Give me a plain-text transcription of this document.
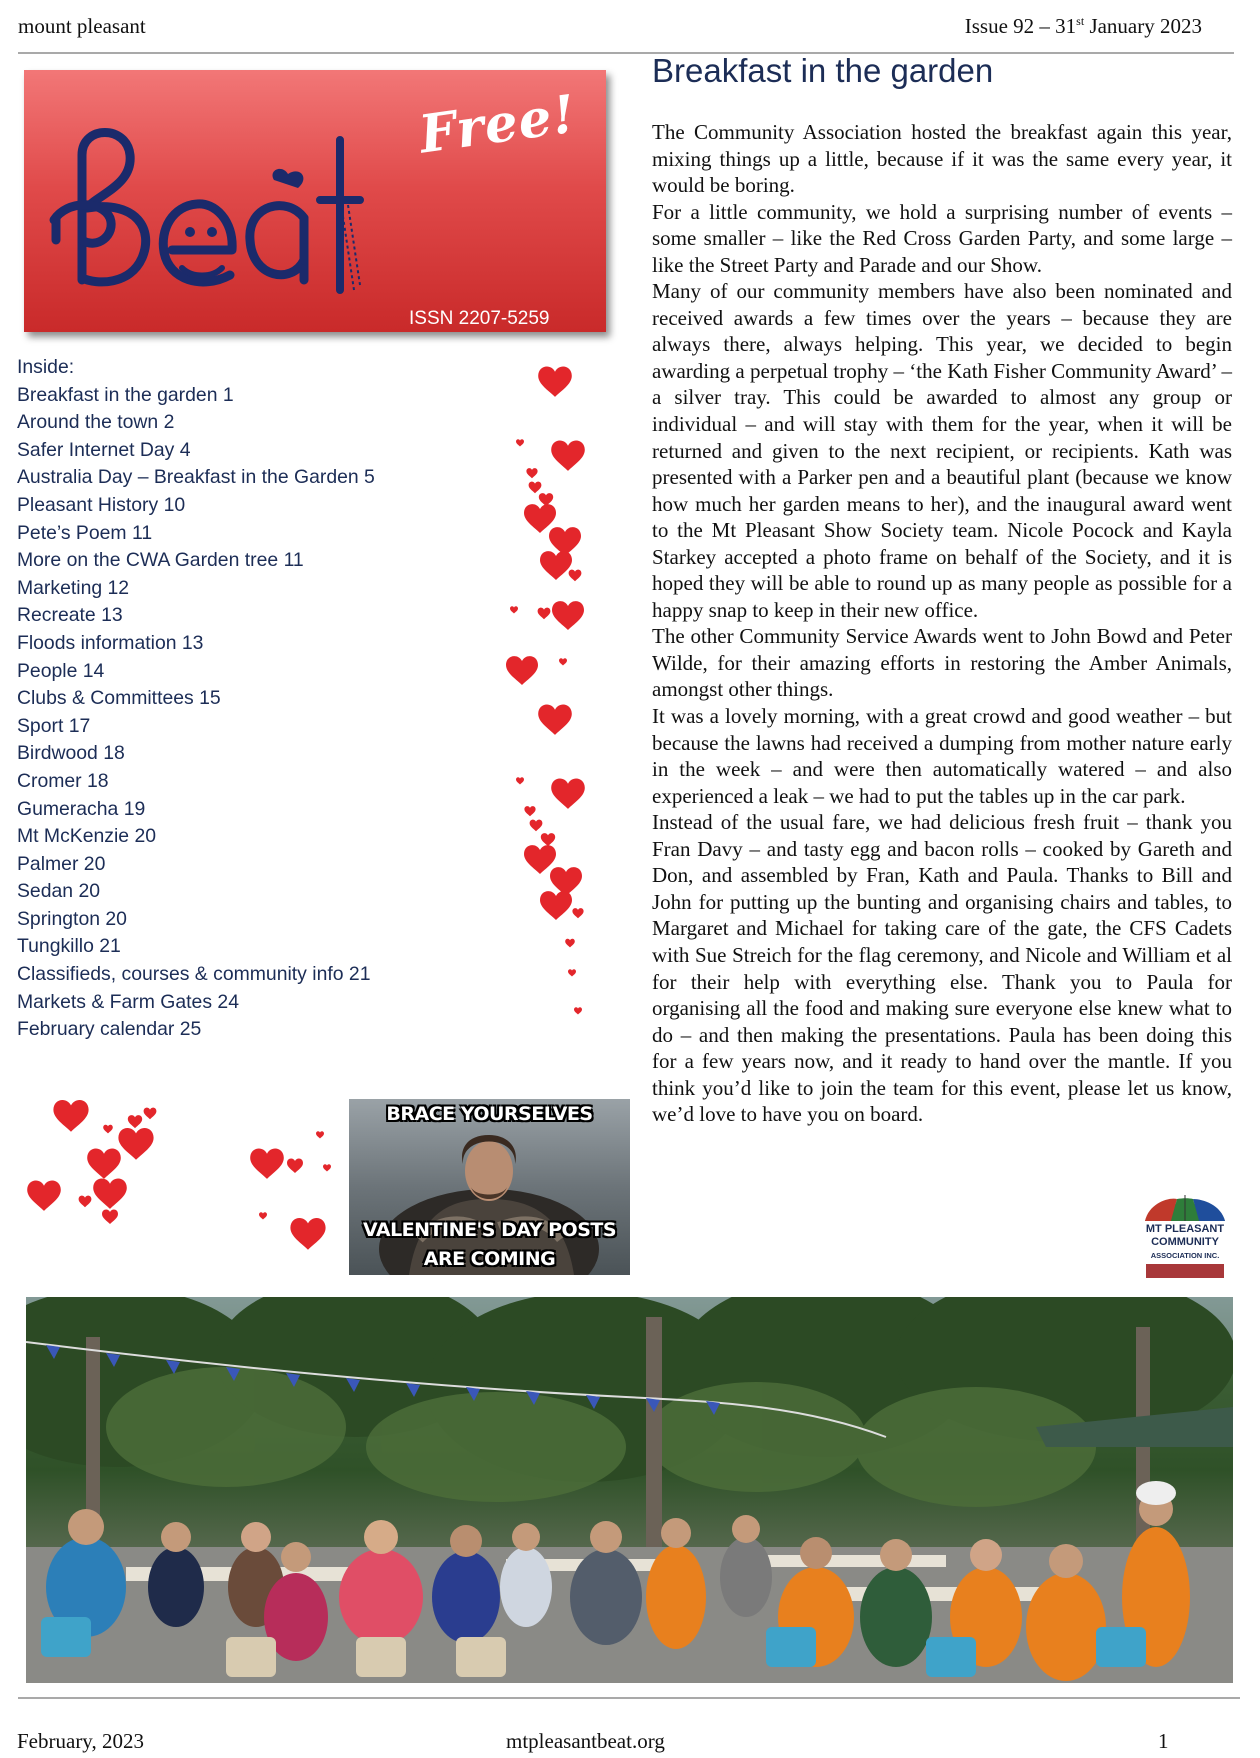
mount pleasant	Issue 92 – 31st January 2023
Free!
ISSN 2207-5259
Inside:
Breakfast in the garden 1
Around the town 2
Safer Internet Day 4
Australia Day – Breakfast in the Garden 5
Pleasant History 10
Pete’s Poem 11
More on the CWA Garden tree 11
Marketing 12
Recreate 13
Floods information 13
People 14
Clubs & Committees 15
Sport 17
Birdwood 18
Cromer 18
Gumeracha 19
Mt McKenzie 20
Palmer 20
Sedan 20
Springton 20
Tungkillo 21
Classifieds, courses & community info 21
Markets & Farm Gates 24
February calendar 25
Breakfast in the garden

The Community Association hosted the breakfast again this year, mixing things up a little, because if it was the same every year, it would be boring.

For a little community, we hold a surprising number of events – some smaller – like the Red Cross Garden Party, and some large – like the Street Party and Parade and our Show.

Many of our community members have also been nominated and received awards a few times over the years – because they are always there, always helping. This year, we decided to begin awarding a perpetual trophy – ‘the Kath Fisher Community Award’ – a silver tray. This could be awarded to almost any group or individual – and will stay with them for the year, when it will be returned and given to the next recipient, or recipients. Kath was presented with a Parker pen and a beautiful plant (because we know how much her garden means to her), and the inaugural award went to the Mt Pleasant Show Society team. Nicole Pocock and Kayla Starkey accepted a photo frame on behalf of the Society, and it is hoped they will be able to round up as many people as possible for a happy snap to keep in their new office.

The other Community Service Awards went to John Bowd and Peter Wilde, for their amazing efforts in restoring the Amber Animals, amongst other things.

It was a lovely morning, with a great crowd and good weather – but because the lawns had received a dumping from mother nature early in the week – and were then automatically watered – and also experienced a leak – we had to put the tables up in the car park.

Instead of the usual fare, we had delicious fresh fruit – thank you Fran Davy – and tasty egg and bacon rolls – cooked by Gareth and Don, and assembled by Fran, Kath and Paula. Thanks to Bill and John for putting up the bunting and organising chairs and tables, to Margaret and Michael for taking care of the gate, the CFS Cadets with Sue Streich for the flag ceremony, and Nicole and William et al for their help with everything else. Thank you to Paula for organising all the food and making sure everyone else knew what to do – and then making the presentations. Paula has been doing this for a few years now, and it ready to hand over the mantle. If you think you’d like to join the team for this event, please let us know, we’d love to have you on board.

MT PLEASANT
COMMUNITY
ASSOCIATION INC.
BRACE YOURSELVES
VALENTINE'S DAY POSTS
ARE COMING
February, 2023	mtpleasantbeat.org	1
